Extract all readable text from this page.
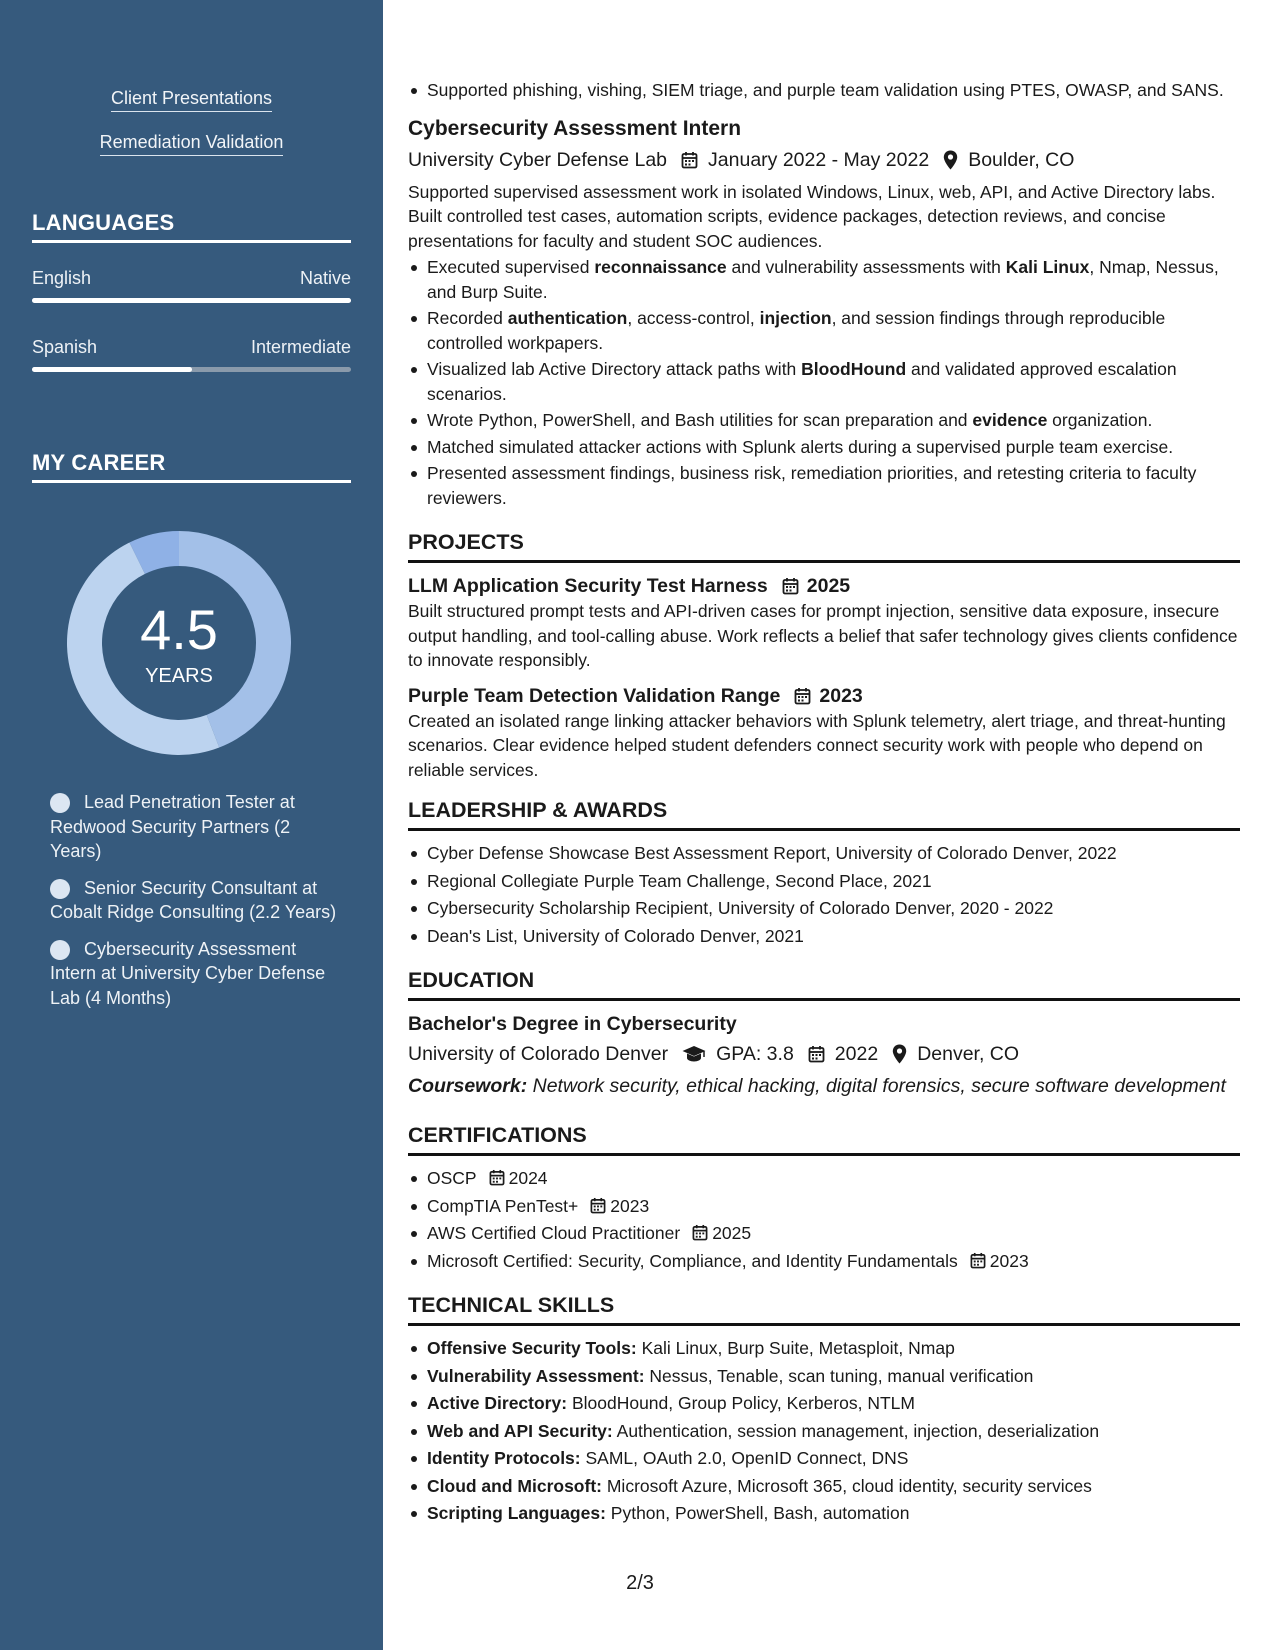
Client Presentations
Remediation Validation
LANGUAGES
English	Native
Spanish	Intermediate
MY CAREER
4.5
YEARS
Lead Penetration Tester at Redwood Security Partners (2 Years)
Senior Security Consultant at Cobalt Ridge Consulting (2.2 Years)
Cybersecurity Assessment Intern at University Cyber Defense Lab (4 Months)
Supported phishing, vishing, SIEM triage, and purple team validation using PTES, OWASP, and SANS.
Cybersecurity Assessment Intern
University Cyber Defense Lab January 2022 - May 2022 Boulder, CO
Supported supervised assessment work in isolated Windows, Linux, web, API, and Active Directory labs. Built controlled test cases, automation scripts, evidence packages, detection reviews, and concise presentations for faculty and student SOC audiences.
Executed supervised reconnaissance and vulnerability assessments with Kali Linux, Nmap, Nessus, and Burp Suite.
Recorded authentication, access-control, injection, and session findings through reproducible controlled workpapers.
Visualized lab Active Directory attack paths with BloodHound and validated approved escalation scenarios.
Wrote Python, PowerShell, and Bash utilities for scan preparation and evidence organization.
Matched simulated attacker actions with Splunk alerts during a supervised purple team exercise.
Presented assessment findings, business risk, remediation priorities, and retesting criteria to faculty reviewers.
PROJECTS
LLM Application Security Test Harness 2025
Built structured prompt tests and API-driven cases for prompt injection, sensitive data exposure, insecure output handling, and tool-calling abuse. Work reflects a belief that safer technology gives clients confidence to innovate responsibly.
Purple Team Detection Validation Range 2023
Created an isolated range linking attacker behaviors with Splunk telemetry, alert triage, and threat-hunting scenarios. Clear evidence helped student defenders connect security work with people who depend on reliable services.
LEADERSHIP & AWARDS
Cyber Defense Showcase Best Assessment Report, University of Colorado Denver, 2022
Regional Collegiate Purple Team Challenge, Second Place, 2021
Cybersecurity Scholarship Recipient, University of Colorado Denver, 2020 - 2022
Dean's List, University of Colorado Denver, 2021
EDUCATION
Bachelor's Degree in Cybersecurity
University of Colorado Denver GPA: 3.8 2022 Denver, CO
Coursework: Network security, ethical hacking, digital forensics, secure software development
CERTIFICATIONS
OSCP 2024
CompTIA PenTest+ 2023
AWS Certified Cloud Practitioner 2025
Microsoft Certified: Security, Compliance, and Identity Fundamentals 2023
TECHNICAL SKILLS
Offensive Security Tools: Kali Linux, Burp Suite, Metasploit, Nmap
Vulnerability Assessment: Nessus, Tenable, scan tuning, manual verification
Active Directory: BloodHound, Group Policy, Kerberos, NTLM
Web and API Security: Authentication, session management, injection, deserialization
Identity Protocols: SAML, OAuth 2.0, OpenID Connect, DNS
Cloud and Microsoft: Microsoft Azure, Microsoft 365, cloud identity, security services
Scripting Languages: Python, PowerShell, Bash, automation
2/3
